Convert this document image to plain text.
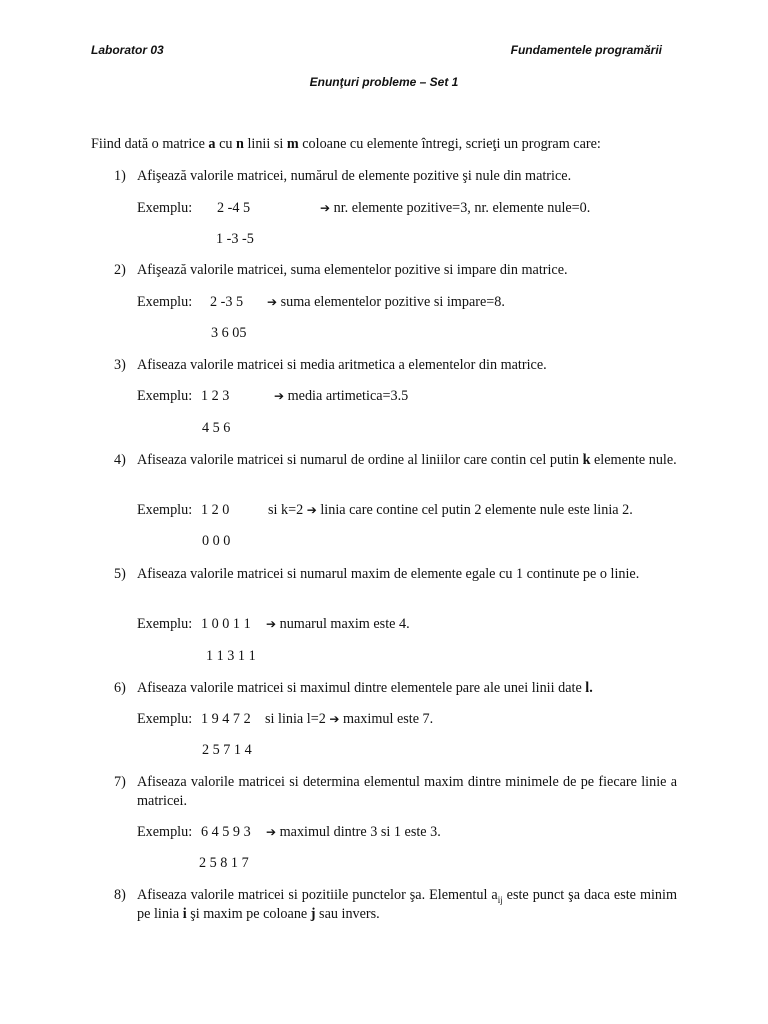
Laborator 03	Fundamentele programării
Enunţuri probleme – Set 1
Fiind dată o matrice a cu n linii si m coloane cu elemente întregi, scrieţi un program care:
1) Afişează valorile matricei, numărul de elemente pozitive şi nule din matrice.
Exemplu: 2 -4 5	➔ nr. elemente pozitive=3, nr. elemente nule=0.
1 -3 -5
2) Afişează valorile matricei, suma elementelor pozitive si impare din matrice.
Exemplu: 2 -3 5 ➔ suma elementelor pozitive si impare=8.
3 6 05
3) Afiseaza valorile matricei si media aritmetica a elementelor din matrice.
Exemplu: 1 2 3	➔ media artimetica=3.5
4 5 6
4) Afiseaza valorile matricei si numarul de ordine al liniilor care contin cel putin k elemente nule.
Exemplu: 1 2 0	si k=2 ➔ linia care contine cel putin 2 elemente nule este linia 2.
0 0 0
5) Afiseaza valorile matricei si numarul maxim de elemente egale cu 1 continute pe o linie.
Exemplu: 1 0 0 1 1 ➔ numarul maxim este 4.
1 1 3 1 1
6) Afiseaza valorile matricei si maximul dintre elementele pare ale unei linii date l.
Exemplu: 1 9 4 7 2 si linia l=2 ➔ maximul este 7.
2 5 7 1 4
7) Afiseaza valorile matricei si determina elementul maxim dintre minimele de pe fiecare linie a matricei.
Exemplu: 6 4 5 9 3 ➔ maximul dintre 3 si 1 este 3.
2 5 8 1 7
8) Afiseaza valorile matricei si pozitiile punctelor şa. Elementul $a_{ij}$ este punct şa daca este minim pe linia i şi maxim pe coloane j sau invers.
